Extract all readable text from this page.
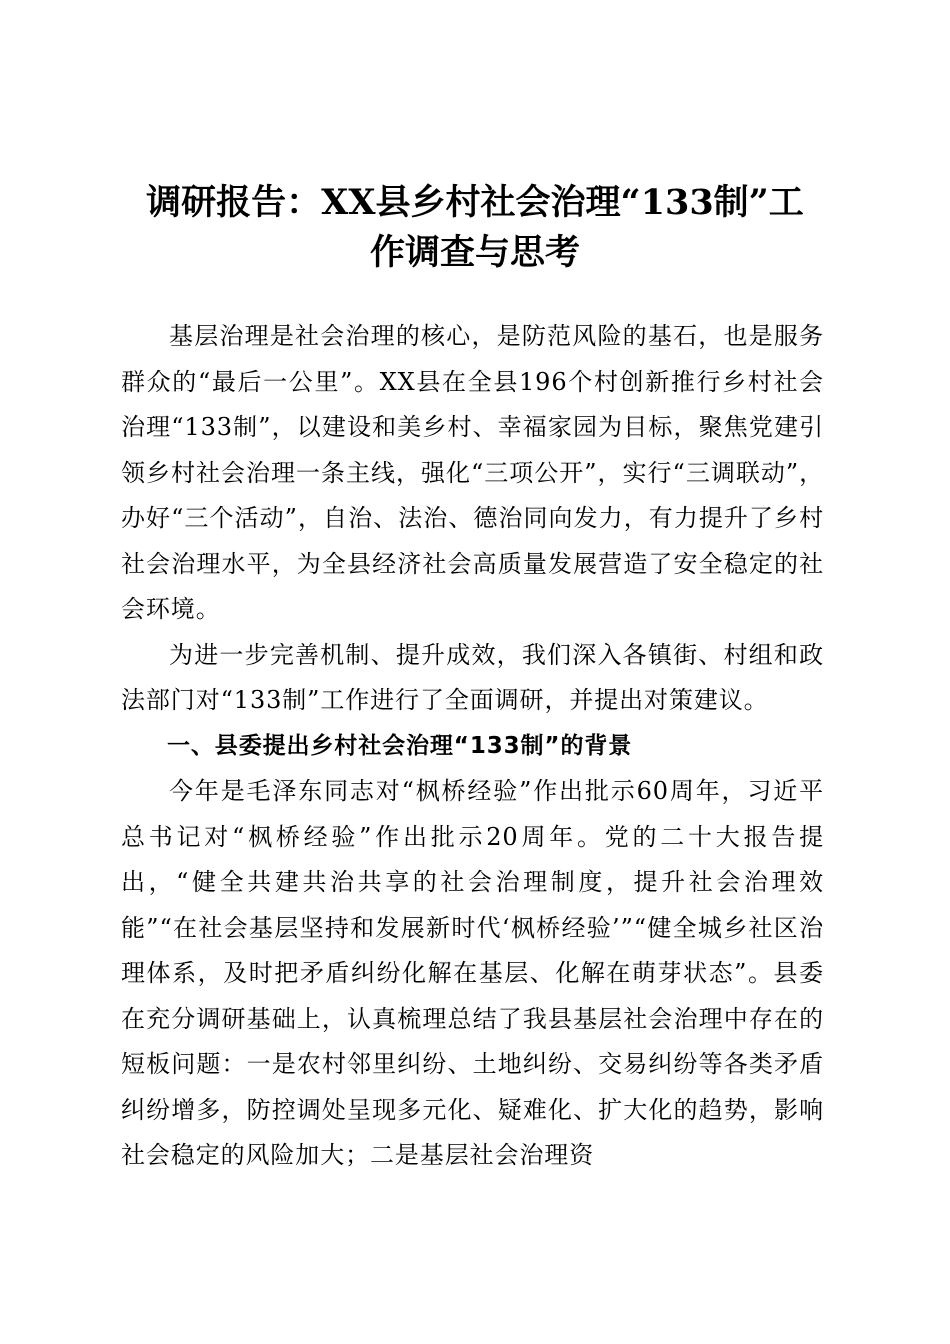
调研报告：XX县乡村社会治理“133制”工
作调查与思考

基层治理是社会治理的核心，是防范风险的基石，也是服务群众的“最后一公里”。XX县在全县196个村创新推行乡村社会治理“133制”，以建设和美乡村、幸福家园为目标，聚焦党建引领乡村社会治理一条主线，强化“三项公开”，实行“三调联动”，办好“三个活动”，自治、法治、德治同向发力，有力提升了乡村社会治理水平，为全县经济社会高质量发展营造了安全稳定的社会环境。

为进一步完善机制、提升成效，我们深入各镇街、村组和政法部门对“133制”工作进行了全面调研，并提出对策建议。

一、县委提出乡村社会治理“133制”的背景

今年是毛泽东同志对“枫桥经验”作出批示60周年，习近平总书记对“枫桥经验”作出批示20周年。党的二十大报告提出，“健全共建共治共享的社会治理制度，提升社会治理效能”“在社会基层坚持和发展新时代‘枫桥经验’”“健全城乡社区治理体系，及时把矛盾纠纷化解在基层、化解在萌芽状态”。县委在充分调研基础上，认真梳理总结了我县基层社会治理中存在的短板问题：一是农村邻里纠纷、土地纠纷、交易纠纷等各类矛盾纠纷增多，防控调处呈现多元化、疑难化、扩大化的趋势，影响社会稳定的风险加大；二是基层社会治理资
